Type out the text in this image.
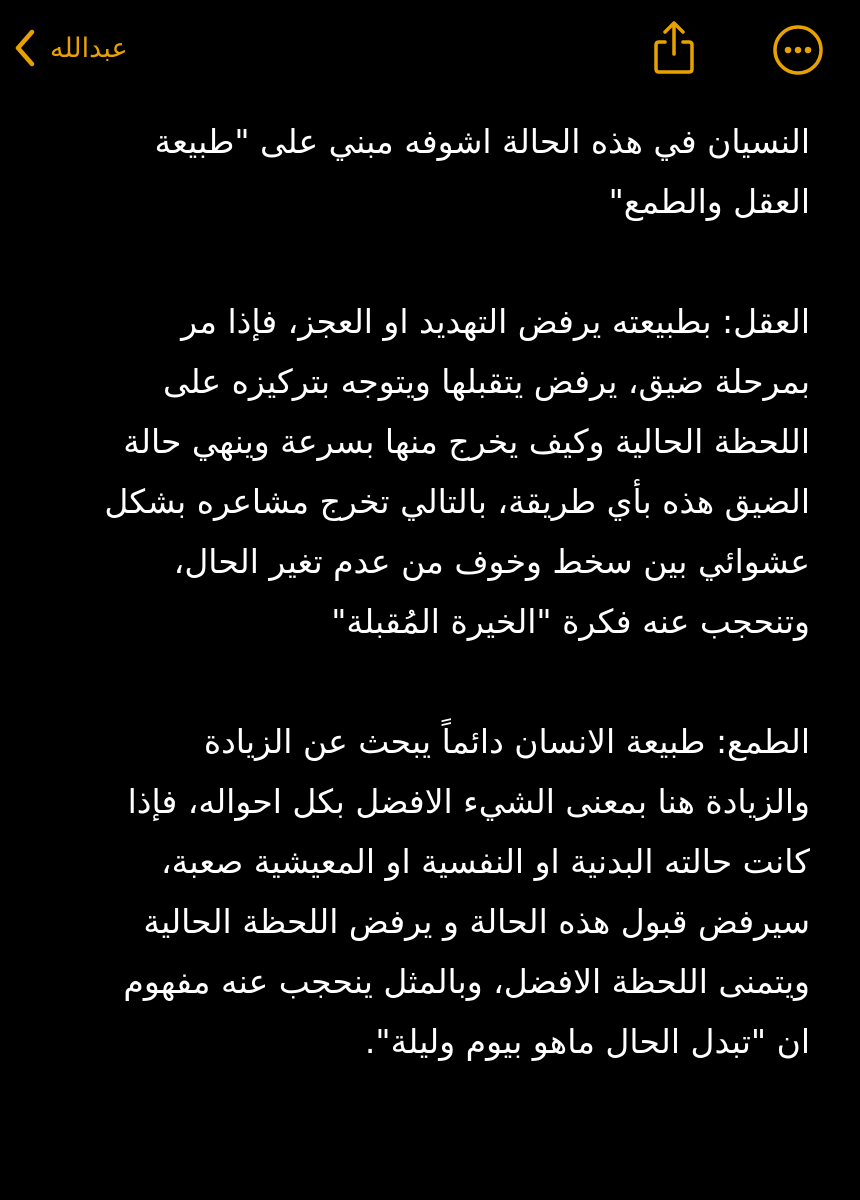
عبدالله

النسيان في هذه الحالة اشوفه مبني على "طبيعة
العقل والطمع"

العقل: بطبيعته يرفض التهديد او العجز، فإذا مر
بمرحلة ضيق، يرفض يتقبلها ويتوجه بتركيزه على
اللحظة الحالية وكيف يخرج منها بسرعة وينهي حالة
الضيق هذه بأي طريقة، بالتالي تخرج مشاعره بشكل
عشوائي بين سخط وخوف من عدم تغير الحال،
وتنحجب عنه فكرة "الخيرة المُقبلة"

الطمع: طبيعة الانسان دائماً يبحث عن الزيادة
والزيادة هنا بمعنى الشيء الافضل بكل احواله، فإذا
كانت حالته البدنية او النفسية او المعيشية صعبة،
سيرفض قبول هذه الحالة و يرفض اللحظة الحالية
ويتمنى اللحظة الافضل، وبالمثل ينحجب عنه مفهوم
ان "تبدل الحال ماهو بيوم وليلة".
